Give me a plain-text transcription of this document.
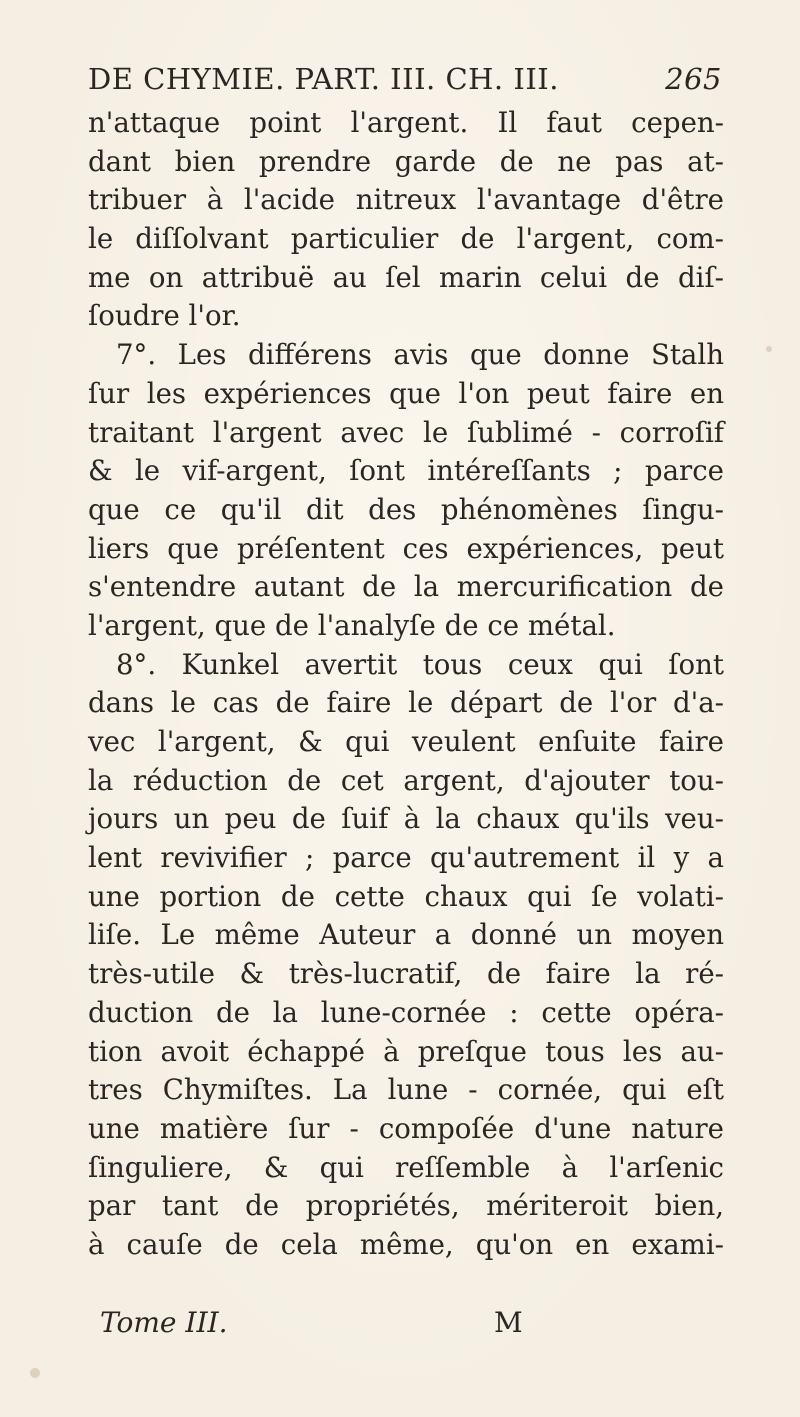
DE CHYMIE. PART. III. CH. III.	265
n'attaque point l'argent. Il faut cepen-
dant bien prendre garde de ne pas at-
tribuer à l'acide nitreux l'avantage d'être
le diſſolvant particulier de l'argent, com-
me on attribuë au ſel marin celui de diſ-
ſoudre l'or.
7°. Les différens avis que donne Stalh
ſur les expériences que l'on peut faire en
traitant l'argent avec le ſublimé - corroſif
& le vif-argent, ſont intéreſſants ; parce
que ce qu'il dit des phénomènes ſingu-
liers que préſentent ces expériences, peut
s'entendre autant de la mercurification de
l'argent, que de l'analyſe de ce métal.
8°. Kunkel avertit tous ceux qui ſont
dans le cas de faire le départ de l'or d'a-
vec l'argent, & qui veulent enſuite faire
la réduction de cet argent, d'ajouter tou-
jours un peu de ſuif à la chaux qu'ils veu-
lent revivifier ; parce qu'autrement il y a
une portion de cette chaux qui ſe volati-
liſe. Le même Auteur a donné un moyen
très-utile & très-lucratif, de faire la ré-
duction de la lune-cornée : cette opéra-
tion avoit échappé à preſque tous les au-
tres Chymiſtes. La lune - cornée, qui eſt
une matière ſur - compoſée d'une nature
ſinguliere, & qui reſſemble à l'arſenic
par tant de propriétés, mériteroit bien,
à cauſe de cela même, qu'on en exami-
Tome III.	M
